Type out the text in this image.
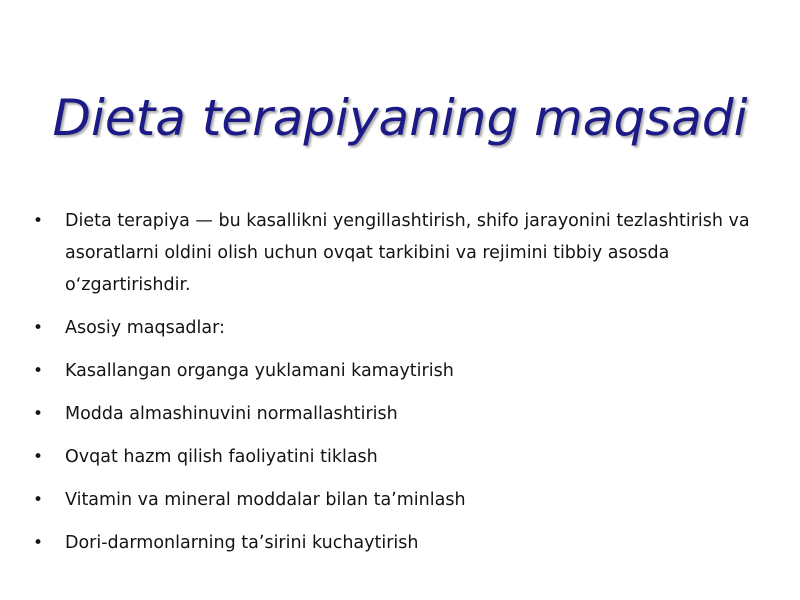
Dieta terapiyaning maqsadi
• Dieta terapiya — bu kasallikni yengillashtirish, shifo jarayonini tezlashtirish va asoratlarni oldini olish uchun ovqat tarkibini va rejimini tibbiy asosda oʻzgartirishdir.
• Asosiy maqsadlar:
• Kasallangan organga yuklamani kamaytirish
• Modda almashinuvini normallashtirish
• Ovqat hazm qilish faoliyatini tiklash
• Vitamin va mineral moddalar bilan taʼminlash
• Dori-darmonlarning taʼsirini kuchaytirish
